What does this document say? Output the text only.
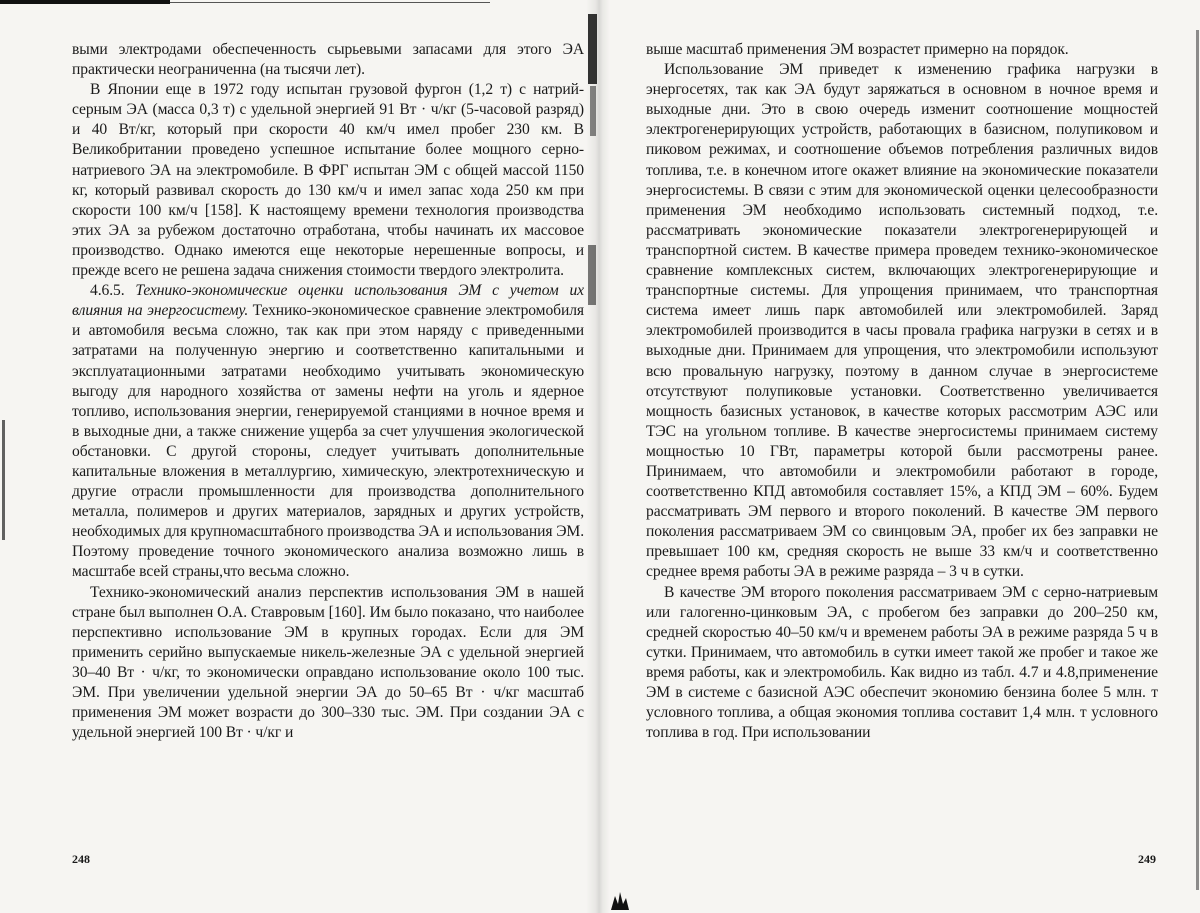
выми электродами обеспеченность сырьевыми запасами для этого ЭА практически неограниченна (на тысячи лет).

В Японии еще в 1972 году испытан грузовой фургон (1,2 т) с натрий-серным ЭА (масса 0,3 т) с удельной энергией 91 Вт · ч/кг (5-часовой разряд) и 40 Вт/кг, который при скорости 40 км/ч имел пробег 230 км. В Великобритании проведено успешное испытание более мощного серно-натриевого ЭА на электромобиле. В ФРГ испытан ЭМ с общей массой 1150 кг, который развивал скорость до 130 км/ч и имел запас хода 250 км при скорости 100 км/ч [158]. К настоящему времени технология производства этих ЭА за рубежом достаточно отработана, чтобы начинать их массовое производство. Однако имеются еще некоторые нерешенные вопросы, и прежде всего не решена задача снижения стоимости твердого электролита.

4.6.5. Технико-экономические оценки использования ЭМ с учетом их влияния на энергосистему. Технико-экономическое сравнение электромобиля и автомобиля весьма сложно, так как при этом наряду с приведенными затратами на полученную энергию и соответственно капитальными и эксплуатационными затратами необходимо учитывать экономическую выгоду для народного хозяйства от замены нефти на уголь и ядерное топливо, использования энергии, генерируемой станциями в ночное время и в выходные дни, а также снижение ущерба за счет улучшения экологической обстановки. С другой стороны, следует учитывать дополнительные капитальные вложения в металлургию, химическую, электротехническую и другие отрасли промышленности для производства дополнительного металла, полимеров и других материалов, зарядных и других устройств, необходимых для крупномасштабного производства ЭА и использования ЭМ. Поэтому проведение точного экономического анализа возможно лишь в масштабе всей страны,что весьма сложно.

Технико-экономический анализ перспектив использования ЭМ в нашей стране был выполнен О.А. Ставровым [160]. Им было показано, что наиболее перспективно использование ЭМ в крупных городах. Если для ЭМ применить серийно выпускаемые никель-железные ЭА с удельной энергией 30–40 Вт · ч/кг, то экономически оправдано использование около 100 тыс. ЭМ. При увеличении удельной энергии ЭА до 50–65 Вт · ч/кг масштаб применения ЭМ может возрасти до 300–330 тыс. ЭМ. При создании ЭА с удельной энергией 100 Вт · ч/кг и

248

выше масштаб применения ЭМ возрастет примерно на порядок.

Использование ЭМ приведет к изменению графика нагрузки в энергосетях, так как ЭА будут заряжаться в основном в ночное время и выходные дни. Это в свою очередь изменит соотношение мощностей электрогенерирующих устройств, работающих в базисном, полупиковом и пиковом режимах, и соотношение объемов потребления различных видов топлива, т.е. в конечном итоге окажет влияние на экономические показатели энергосистемы. В связи с этим для экономической оценки целесообразности применения ЭМ необходимо использовать системный подход, т.е. рассматривать экономические показатели электрогенерирующей и транспортной систем. В качестве примера проведем технико-экономическое сравнение комплексных систем, включающих электрогенерирующие и транспортные системы. Для упрощения принимаем, что транспортная система имеет лишь парк автомобилей или электромобилей. Заряд электромобилей производится в часы провала графика нагрузки в сетях и в выходные дни. Принимаем для упрощения, что электромобили используют всю провальную нагрузку, поэтому в данном случае в энергосистеме отсутствуют полупиковые установки. Соответственно увеличивается мощность базисных установок, в качестве которых рассмотрим АЭС или ТЭС на угольном топливе. В качестве энергосистемы принимаем систему мощностью 10 ГВт, параметры которой были рассмотрены ранее. Принимаем, что автомобили и электромобили работают в городе, соответственно КПД автомобиля составляет 15%, а КПД ЭМ – 60%. Будем рассматривать ЭМ первого и второго поколений. В качестве ЭМ первого поколения рассматриваем ЭМ со свинцовым ЭА, пробег их без заправки не превышает 100 км, средняя скорость не выше 33 км/ч и соответственно среднее время работы ЭА в режиме разряда – 3 ч в сутки.

В качестве ЭМ второго поколения рассматриваем ЭМ с серно-натриевым или галогенно-цинковым ЭА, с пробегом без заправки до 200–250 км, средней скоростью 40–50 км/ч и временем работы ЭА в режиме разряда 5 ч в сутки. Принимаем, что автомобиль в сутки имеет такой же пробег и такое же время работы, как и электромобиль. Как видно из табл. 4.7 и 4.8,применение ЭМ в системе с базисной АЭС обеспечит экономию бензина более 5 млн. т условного топлива, а общая экономия топлива составит 1,4 млн. т условного топлива в год. При использовании

249
